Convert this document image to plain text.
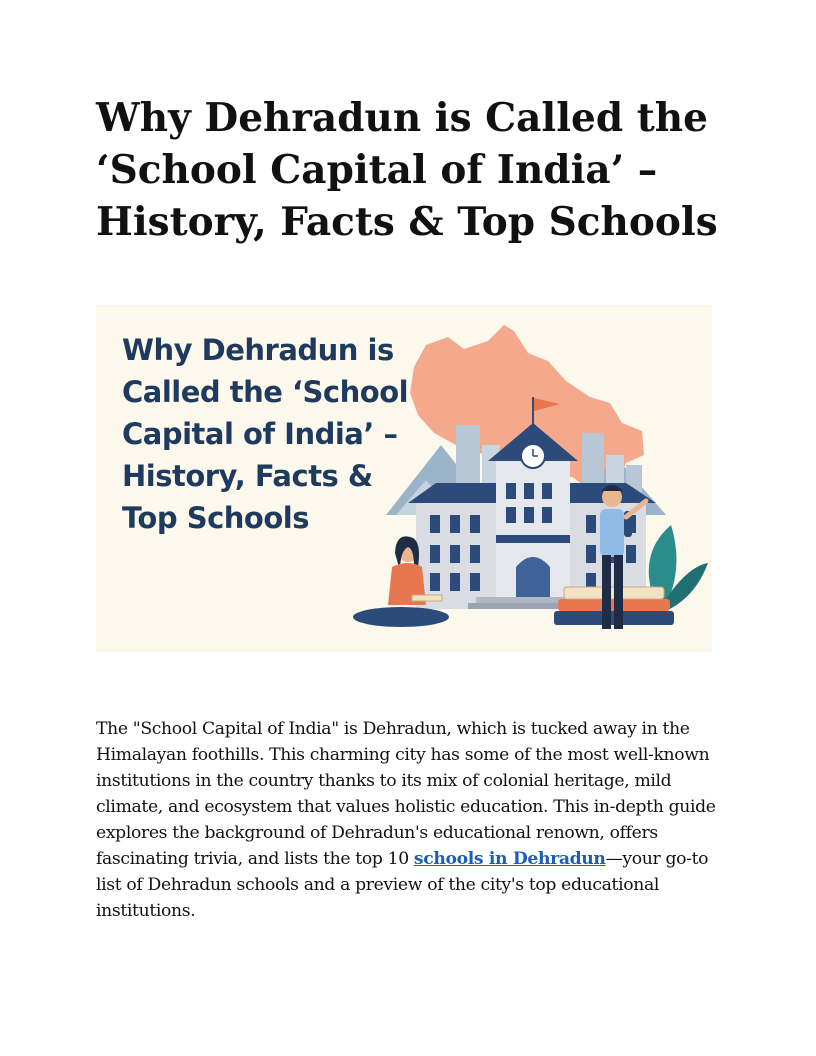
Why Dehradun is Called the ‘School Capital of India’ – History, Facts & Top Schools
Why Dehradun is Called the ‘School Capital of India’ – History, Facts & Top Schools

The "School Capital of India" is Dehradun, which is tucked away in the Himalayan foothills. This charming city has some of the most well-known institutions in the country thanks to its mix of colonial heritage, mild climate, and ecosystem that values holistic education. This in-depth guide explores the background of Dehradun's educational renown, offers fascinating trivia, and lists the top 10 schools in Dehradun—your go-to list of Dehradun schools and a preview of the city's top educational institutions.
